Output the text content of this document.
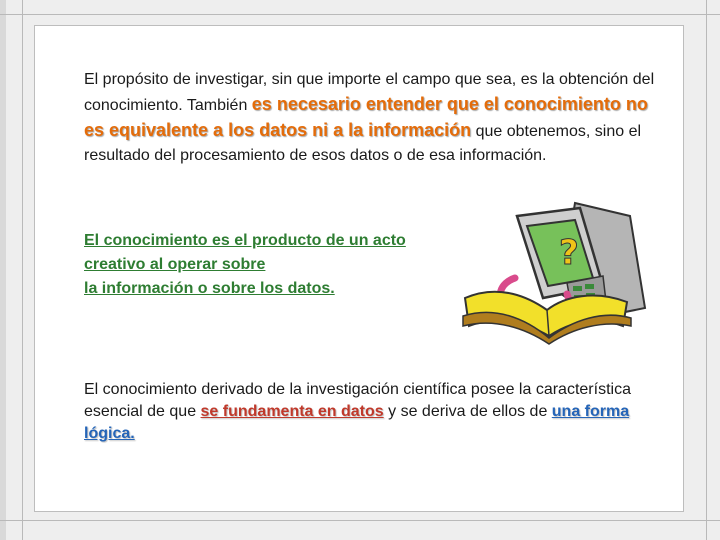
El propósito de investigar, sin que importe el campo que sea, es la obtención del conocimiento. También es necesario entender que el conocimiento no es equivalente a los datos ni a la información que obtenemos, sino el resultado del procesamiento de esos datos o de esa información.

El conocimiento es el producto de un acto
creativo al operar sobre
la información o sobre los datos.

?

El conocimiento derivado de la investigación científica posee la característica esencial de que se fundamenta en datos y se deriva de ellos de una forma lógica.
